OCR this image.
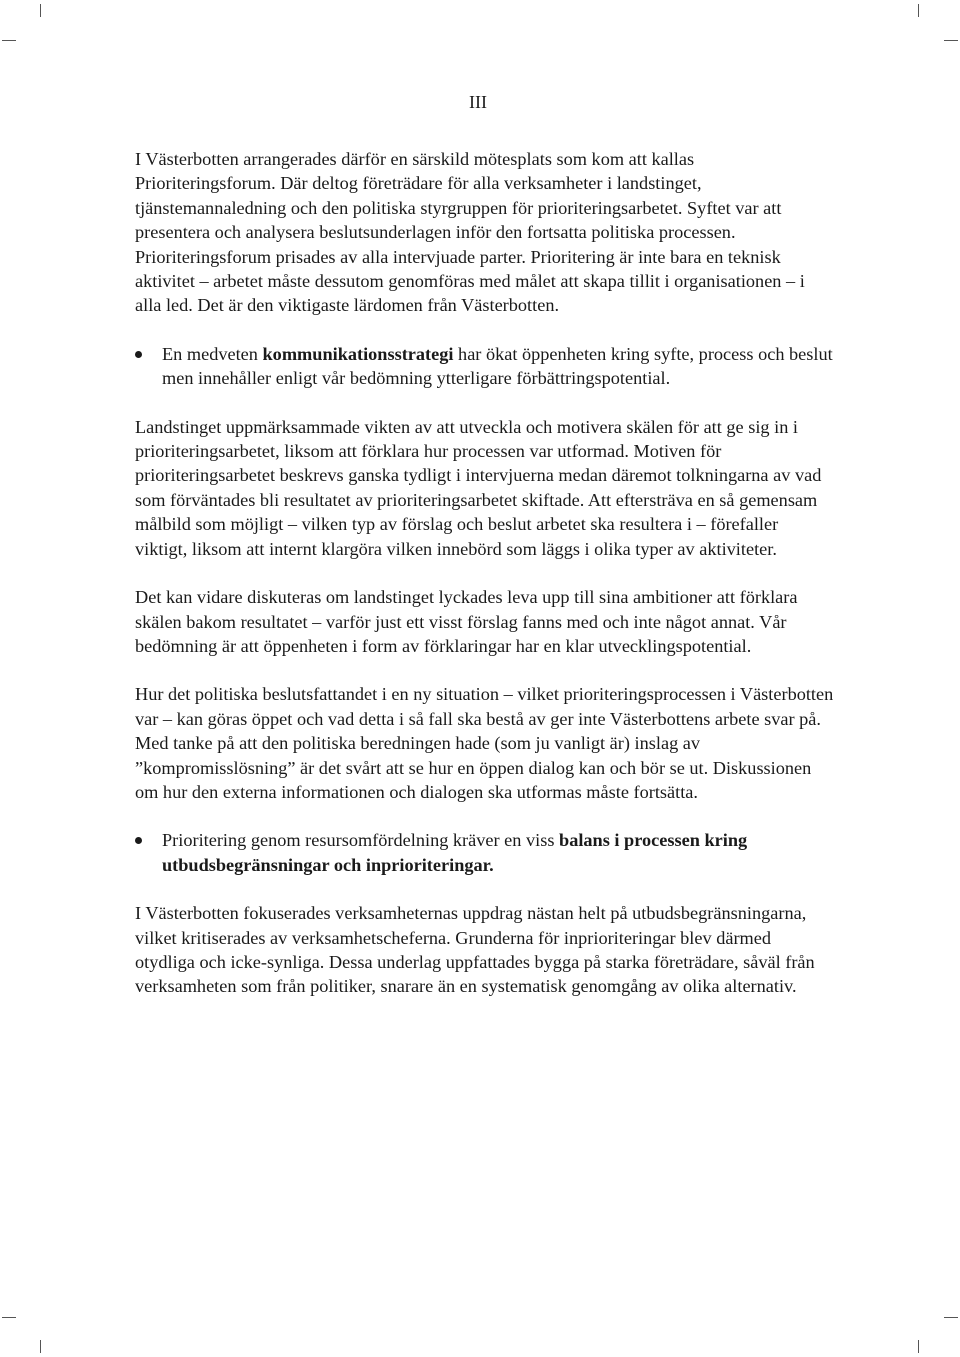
III

I Västerbotten arrangerades därför en särskild mötesplats som kom att kallas Prioriteringsforum. Där deltog företrädare för alla verksamheter i landstinget, tjänstemannaledning och den politiska styrgruppen för prioriteringsarbetet. Syftet var att presentera och analysera beslutsunderlagen inför den fortsatta politiska processen. Prioriteringsforum prisades av alla intervjuade parter. Prioritering är inte bara en teknisk aktivitet – arbetet måste dessutom genomföras med målet att skapa tillit i organisationen – i alla led. Det är den viktigaste lärdomen från Västerbotten.

En medveten kommunikationsstrategi har ökat öppenheten kring syfte, process och beslut men innehåller enligt vår bedömning ytterligare förbättringspotential.

Landstinget uppmärksammade vikten av att utveckla och motivera skälen för att ge sig in i prioriteringsarbetet, liksom att förklara hur processen var utformad. Motiven för prioriteringsarbetet beskrevs ganska tydligt i intervjuerna medan däremot tolkningarna av vad som förväntades bli resultatet av prioriteringsarbetet skiftade. Att eftersträva en så gemensam målbild som möjligt – vilken typ av förslag och beslut arbetet ska resultera i – förefaller viktigt, liksom att internt klargöra vilken innebörd som läggs i olika typer av aktiviteter.

Det kan vidare diskuteras om landstinget lyckades leva upp till sina ambitioner att förklara skälen bakom resultatet – varför just ett visst förslag fanns med och inte något annat. Vår bedömning är att öppenheten i form av förklaringar har en klar utvecklingspotential.

Hur det politiska beslutsfattandet i en ny situation – vilket prioriteringsprocessen i Västerbotten var – kan göras öppet och vad detta i så fall ska bestå av ger inte Västerbottens arbete svar på. Med tanke på att den politiska beredningen hade (som ju vanligt är) inslag av ”kompromisslösning” är det svårt att se hur en öppen dialog kan och bör se ut. Diskussionen om hur den externa informationen och dialogen ska utformas måste fortsätta.

Prioritering genom resursomfördelning kräver en viss balans i processen kring utbudsbegränsningar och inprioriteringar.

I Västerbotten fokuserades verksamheternas uppdrag nästan helt på utbudsbegränsningarna, vilket kritiserades av verksamhetscheferna. Grunderna för inprioriteringar blev därmed otydliga och icke-synliga. Dessa underlag uppfattades bygga på starka företrädare, såväl från verksamheten som från politiker, snarare än en systematisk genomgång av olika alternativ.
